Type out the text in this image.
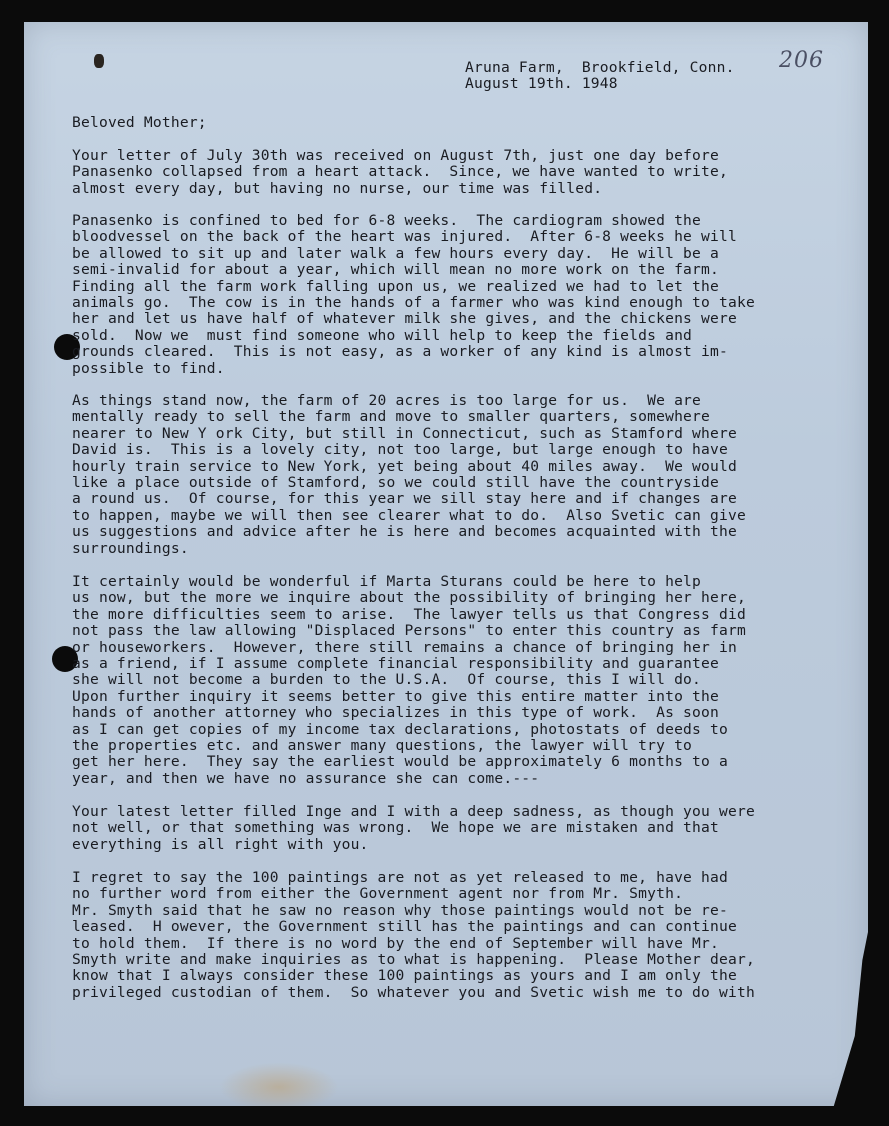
206
Aruna Farm,  Brookfield, Conn.
August 19th. 1948
Beloved Mother;
Your letter of July 30th was received on August 7th, just one day before
Panasenko collapsed from a heart attack.  Since, we have wanted to write,
almost every day, but having no nurse, our time was filled.
Panasenko is confined to bed for 6-8 weeks.  The cardiogram showed the
bloodvessel on the back of the heart was injured.  After 6-8 weeks he will
be allowed to sit up and later walk a few hours every day.  He will be a
semi-invalid for about a year, which will mean no more work on the farm.
Finding all the farm work falling upon us, we realized we had to let the
animals go.  The cow is in the hands of a farmer who was kind enough to take
her and let us have half of whatever milk she gives, and the chickens were
sold.  Now we  must find someone who will help to keep the fields and
grounds cleared.  This is not easy, as a worker of any kind is almost im-
possible to find.
As things stand now, the farm of 20 acres is too large for us.  We are
mentally ready to sell the farm and move to smaller quarters, somewhere
nearer to New Y ork City, but still in Connecticut, such as Stamford where
David is.  This is a lovely city, not too large, but large enough to have
hourly train service to New York, yet being about 40 miles away.  We would
like a place outside of Stamford, so we could still have the countryside
a round us.  Of course, for this year we sill stay here and if changes are
to happen, maybe we will then see clearer what to do.  Also Svetic can give
us suggestions and advice after he is here and becomes acquainted with the
surroundings.
It certainly would be wonderful if Marta Sturans could be here to help
us now, but the more we inquire about the possibility of bringing her here,
the more difficulties seem to arise.  The lawyer tells us that Congress did
not pass the law allowing "Displaced Persons" to enter this country as farm
or houseworkers.  However, there still remains a chance of bringing her in
as a friend, if I assume complete financial responsibility and guarantee
she will not become a burden to the U.S.A.  Of course, this I will do.
Upon further inquiry it seems better to give this entire matter into the
hands of another attorney who specializes in this type of work.  As soon
as I can get copies of my income tax declarations, photostats of deeds to
the properties etc. and answer many questions, the lawyer will try to
get her here.  They say the earliest would be approximately 6 months to a
year, and then we have no assurance she can come.---
Your latest letter filled Inge and I with a deep sadness, as though you were
not well, or that something was wrong.  We hope we are mistaken and that
everything is all right with you.
I regret to say the 100 paintings are not as yet released to me, have had
no further word from either the Government agent nor from Mr. Smyth.
Mr. Smyth said that he saw no reason why those paintings would not be re-
leased.  H owever, the Government still has the paintings and can continue
to hold them.  If there is no word by the end of September will have Mr.
Smyth write and make inquiries as to what is happening.  Please Mother dear,
know that I always consider these 100 paintings as yours and I am only the
privileged custodian of them.  So whatever you and Svetic wish me to do with
